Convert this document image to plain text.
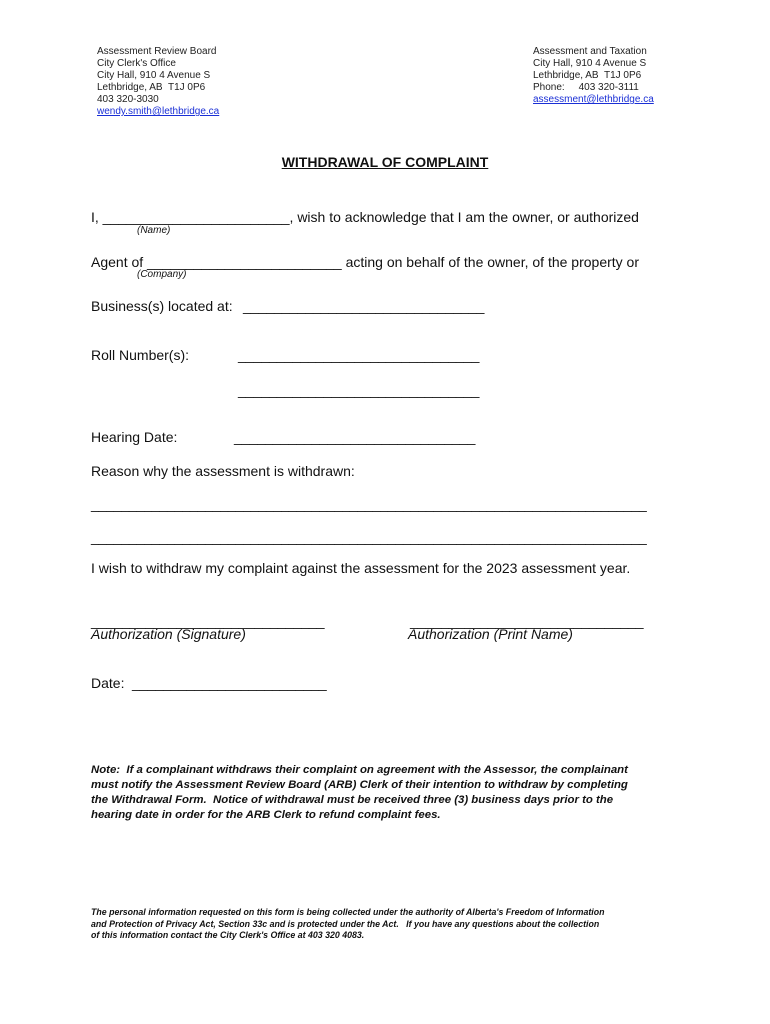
Assessment Review Board
City Clerk's Office
City Hall, 910 4 Avenue S
Lethbridge, AB  T1J 0P6
403 320-3030
wendy.smith@lethbridge.ca
Assessment and Taxation
City Hall, 910 4 Avenue S
Lethbridge, AB  T1J 0P6
Phone:     403 320-3111
assessment@lethbridge.ca
WITHDRAWAL OF COMPLAINT
I, ________________________, wish to acknowledge that I am the owner, or authorized
(Name)
Agent of _________________________ acting on behalf of the owner, of the property or
(Company)
Business(s) located at: _______________________________
Roll Number(s):	_______________________________
_______________________________
Hearing Date:	_______________________________
Reason why the assessment is withdrawn:
_________________________________________________________________________
_________________________________________________________________________
I wish to withdraw my complaint against the assessment for the 2023 assessment year.
______________________________
Authorization (Signature)
______________________________
Authorization (Print Name)
Date: _________________________
Note:  If a complainant withdraws their complaint on agreement with the Assessor, the complainant
must notify the Assessment Review Board (ARB) Clerk of their intention to withdraw by completing
the Withdrawal Form.  Notice of withdrawal must be received three (3) business days prior to the
hearing date in order for the ARB Clerk to refund complaint fees.
The personal information requested on this form is being collected under the authority of Alberta's Freedom of Information
and Protection of Privacy Act, Section 33c and is protected under the Act.   If you have any questions about the collection
of this information contact the City Clerk's Office at 403 320 4083.
